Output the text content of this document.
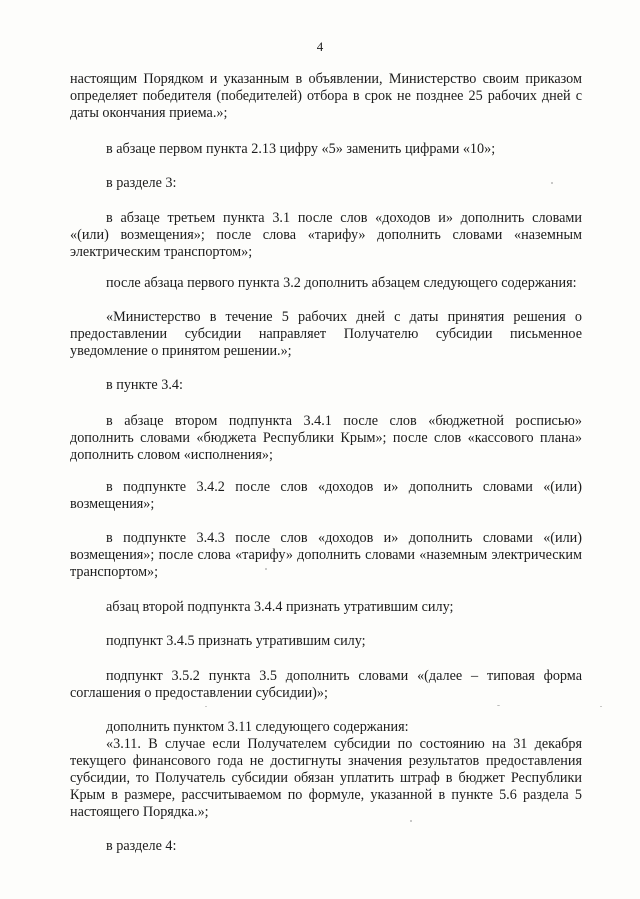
4

настоящим Порядком и указанным в объявлении, Министерство своим приказом определяет победителя (победителей) отбора в срок не позднее 25 рабочих дней с даты окончания приема.»;

в абзаце первом пункта 2.13 цифру «5» заменить цифрами «10»;

в разделе 3:

в абзаце третьем пункта 3.1 после слов «доходов и» дополнить словами «(или) возмещения»; после слова «тарифу» дополнить словами «наземным электрическим транспортом»;

после абзаца первого пункта 3.2 дополнить абзацем следующего содержания:

«Министерство в течение 5 рабочих дней с даты принятия решения о предоставлении субсидии направляет Получателю субсидии письменное уведомление о принятом решении.»;

в пункте 3.4:

в абзаце втором подпункта 3.4.1 после слов «бюджетной росписью» дополнить словами «бюджета Республики Крым»; после слов «кассового плана» дополнить словом «исполнения»;

в подпункте 3.4.2 после слов «доходов и» дополнить словами «(или) возмещения»;

в подпункте 3.4.3 после слов «доходов и» дополнить словами «(или) возмещения»; после слова «тарифу» дополнить словами «наземным электрическим транспортом»;

абзац второй подпункта 3.4.4 признать утратившим силу;

подпункт 3.4.5 признать утратившим силу;

подпункт 3.5.2 пункта 3.5 дополнить словами «(далее – типовая форма соглашения о предоставлении субсидии)»;

дополнить пунктом 3.11 следующего содержания:

«3.11. В случае если Получателем субсидии по состоянию на 31 декабря текущего финансового года не достигнуты значения результатов предоставления субсидии, то Получатель субсидии обязан уплатить штраф в бюджет Республики Крым в размере, рассчитываемом по формуле, указанной в пункте 5.6 раздела 5 настоящего Порядка.»;

в разделе 4:
